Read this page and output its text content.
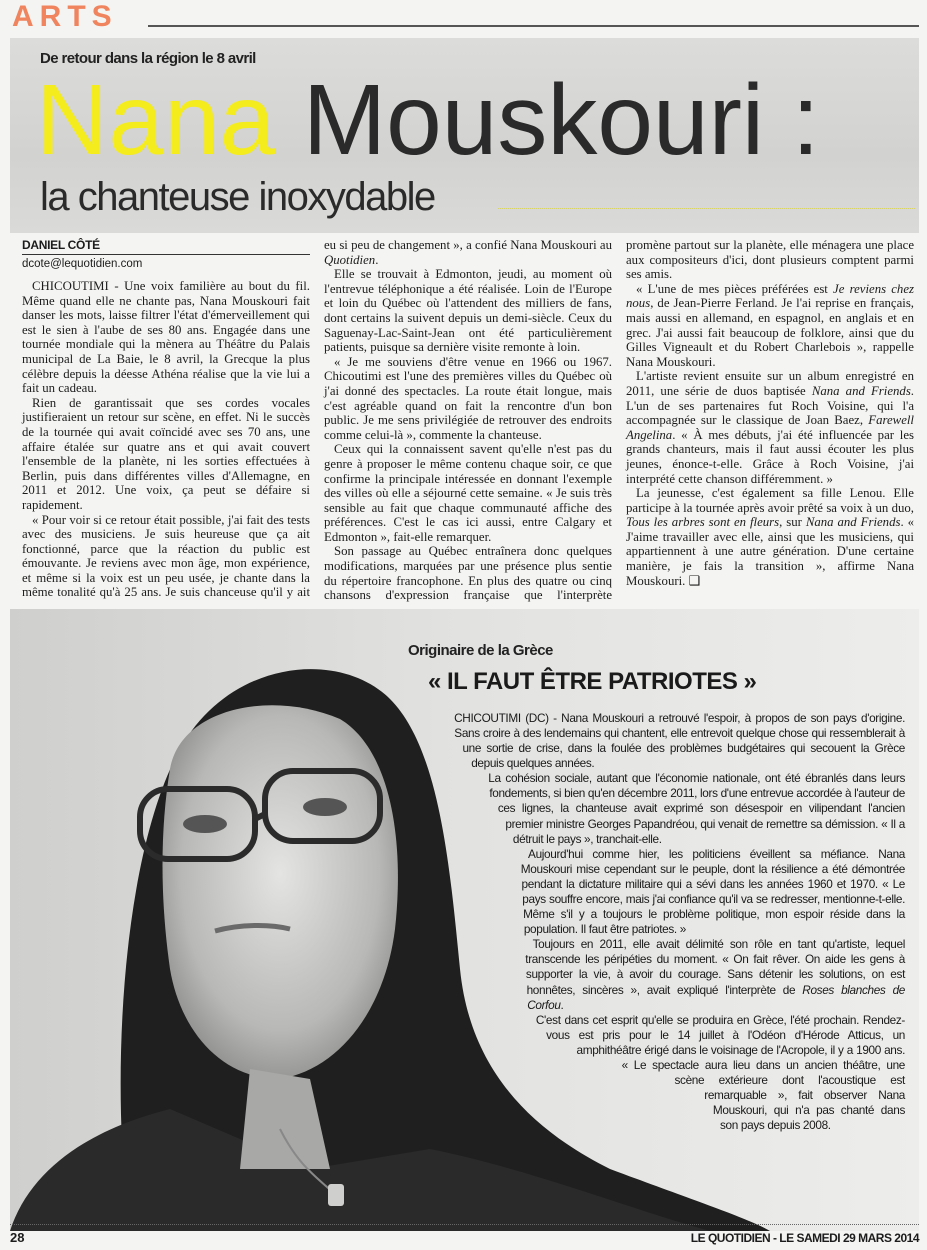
ARTS
De retour dans la région le 8 avril
Nana Mouskouri :
la chanteuse inoxydable
DANIEL CÔTÉ
dcote@lequotidien.com

CHICOUTIMI - Une voix familière au bout du fil. Même quand elle ne chante pas, Nana Mouskouri fait danser les mots, laisse filtrer l'état d'émerveillement qui est le sien à l'aube de ses 80 ans. Engagée dans une tournée mondiale qui la mènera au Théâtre du Palais municipal de La Baie, le 8 avril, la Grecque la plus célèbre depuis la déesse Athéna réalise que la vie lui a fait un cadeau.

Rien de garantissait que ses cordes vocales justifieraient un retour sur scène, en effet. Ni le succès de la tournée qui avait coïncidé avec ses 70 ans, une affaire étalée sur quatre ans et qui avait couvert l'ensemble de la planète, ni les sorties effectuées à Berlin, puis dans différentes villes d'Allemagne, en 2011 et 2012. Une voix, ça peut se défaire si rapidement.

« Pour voir si ce retour était possible, j'ai fait des tests avec des musiciens. Je suis heureuse que ça ait fonctionné, parce que la réaction du public est émouvante. Je reviens avec mon âge, mon expérience, et même si la voix est un peu usée, je chante dans la même tonalité qu'à 25 ans. Je suis chanceuse qu'il y ait eu si peu de changement », a confié Nana Mouskouri au Quotidien.

Elle se trouvait à Edmonton, jeudi, au moment où l'entrevue téléphonique a été réalisée. Loin de l'Europe et loin du Québec où l'attendent des milliers de fans, dont certains la suivent depuis un demi-siècle. Ceux du Saguenay-Lac-Saint-Jean ont été particulièrement patients, puisque sa dernière visite remonte à loin.

« Je me souviens d'être venue en 1966 ou 1967. Chicoutimi est l'une des premières villes du Québec où j'ai donné des spectacles. La route était longue, mais c'est agréable quand on fait la rencontre d'un bon public. Je me sens privilégiée de retrouver des endroits comme celui-là », commente la chanteuse.

Ceux qui la connaissent savent qu'elle n'est pas du genre à proposer le même contenu chaque soir, ce que confirme la principale intéressée en donnant l'exemple des villes où elle a séjourné cette semaine. « Je suis très sensible au fait que chaque communauté affiche des préférences. C'est le cas ici aussi, entre Calgary et Edmonton », fait-elle remarquer.

Son passage au Québec entraînera donc quelques modifications, marquées par une présence plus sentie du répertoire francophone. En plus des quatre ou cinq chansons d'expression française que l'interprète promène partout sur la planète, elle ménagera une place aux compositeurs d'ici, dont plusieurs comptent parmi ses amis.

« L'une de mes pièces préférées est Je reviens chez nous, de Jean-Pierre Ferland. Je l'ai reprise en français, mais aussi en allemand, en espagnol, en anglais et en grec. J'ai aussi fait beaucoup de folklore, ainsi que du Gilles Vigneault et du Robert Charlebois », rappelle Nana Mouskouri.

L'artiste revient ensuite sur un album enregistré en 2011, une série de duos baptisée Nana and Friends. L'un de ses partenaires fut Roch Voisine, qui l'a accompagnée sur le classique de Joan Baez, Farewell Angelina. « À mes débuts, j'ai été influencée par les grands chanteurs, mais il faut aussi écouter les plus jeunes, énonce-t-elle. Grâce à Roch Voisine, j'ai interprété cette chanson différemment. »

La jeunesse, c'est également sa fille Lenou. Elle participe à la tournée après avoir prêté sa voix à un duo, Tous les arbres sont en fleurs, sur Nana and Friends. « J'aime travailler avec elle, ainsi que les musiciens, qui appartiennent à une autre génération. D'une certaine manière, je fais la transition », affirme Nana Mouskouri. ❑

Originaire de la Grèce
« IL FAUT ÊTRE PATRIOTES »

CHICOUTIMI (DC) - Nana Mouskouri a retrouvé l'espoir, à propos de son pays d'origine. Sans croire à des lendemains qui chantent, elle entrevoit quelque chose qui ressemblerait à une sortie de crise, dans la foulée des problèmes budgétaires qui secouent la Grèce depuis quelques années.

La cohésion sociale, autant que l'économie nationale, ont été ébranlés dans leurs fondements, si bien qu'en décembre 2011, lors d'une entrevue accordée à l'auteur de ces lignes, la chanteuse avait exprimé son désespoir en vilipendant l'ancien premier ministre Georges Papandréou, qui venait de remettre sa démission. « Il a détruit le pays », tranchait-elle.

Aujourd'hui comme hier, les politiciens éveillent sa méfiance. Nana Mouskouri mise cependant sur le peuple, dont la résilience a été démontrée pendant la dictature militaire qui a sévi dans les années 1960 et 1970. « Le pays souffre encore, mais j'ai confiance qu'il va se redresser, mentionne-t-elle. Même s'il y a toujours le problème politique, mon espoir réside dans la population. Il faut être patriotes. »

Toujours en 2011, elle avait délimité son rôle en tant qu'artiste, lequel transcende les péripéties du moment. « On fait rêver. On aide les gens à supporter la vie, à avoir du courage. Sans détenir les solutions, on est honnêtes, sincères », avait expliqué l'interprète de Roses blanches de Corfou.

C'est dans cet esprit qu'elle se produira en Grèce, l'été prochain. Rendez-vous est pris pour le 14 juillet à l'Odéon d'Hérode Atticus, un amphithéâtre érigé dans le voisinage de l'Acropole, il y a 1900 ans. « Le spectacle aura lieu dans un ancien théâtre, une scène extérieure dont l'acoustique est remarquable », fait observer Nana Mouskouri, qui n'a pas chanté dans son pays depuis 2008.

28	LE QUOTIDIEN - LE SAMEDI 29 MARS 2014
